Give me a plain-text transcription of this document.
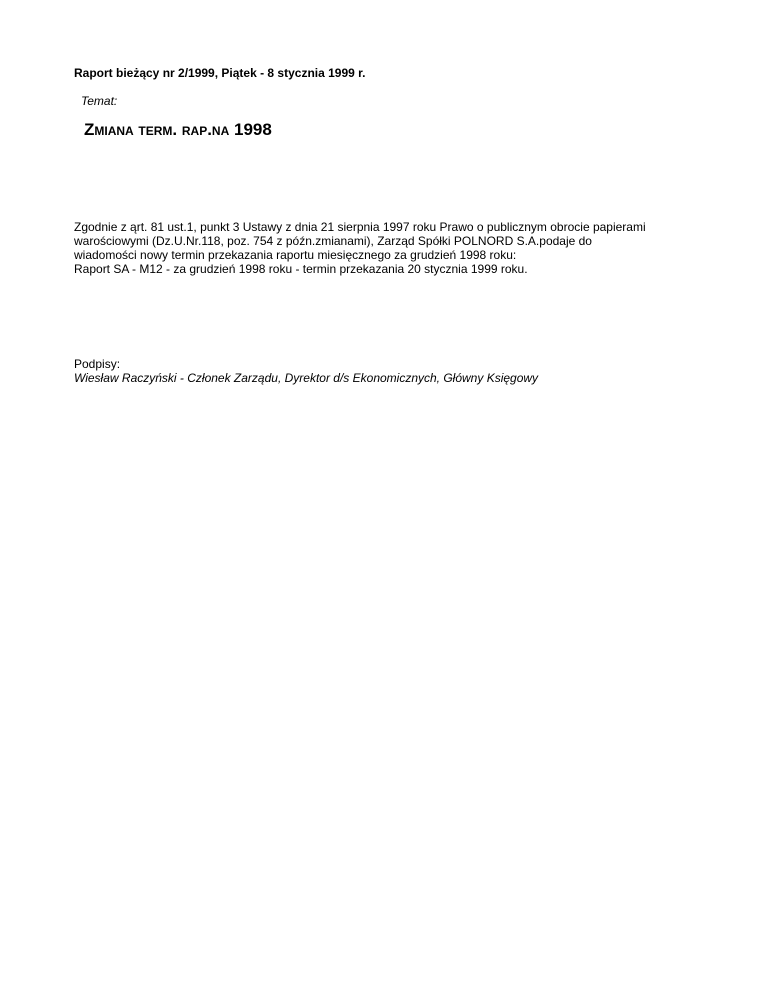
Raport bieżący nr 2/1999, Piątek - 8 stycznia 1999 r.
Temat:
Zmiana term. rap.na 1998
Zgodnie z ąrt. 81 ust.1, punkt 3 Ustawy z dnia 21 sierpnia 1997 roku Prawo o publicznym obrocie papierami
warościowymi (Dz.U.Nr.118, poz. 754 z późn.zmianami), Zarząd Spółki POLNORD S.A.podaje do
wiadomości nowy termin przekazania raportu miesięcznego za grudzień 1998 roku:
Raport SA - M12 - za grudzień 1998 roku - termin przekazania 20 stycznia 1999 roku.
Podpisy:
Wiesław Raczyński - Członek Zarządu, Dyrektor d/s Ekonomicznych, Główny Księgowy
